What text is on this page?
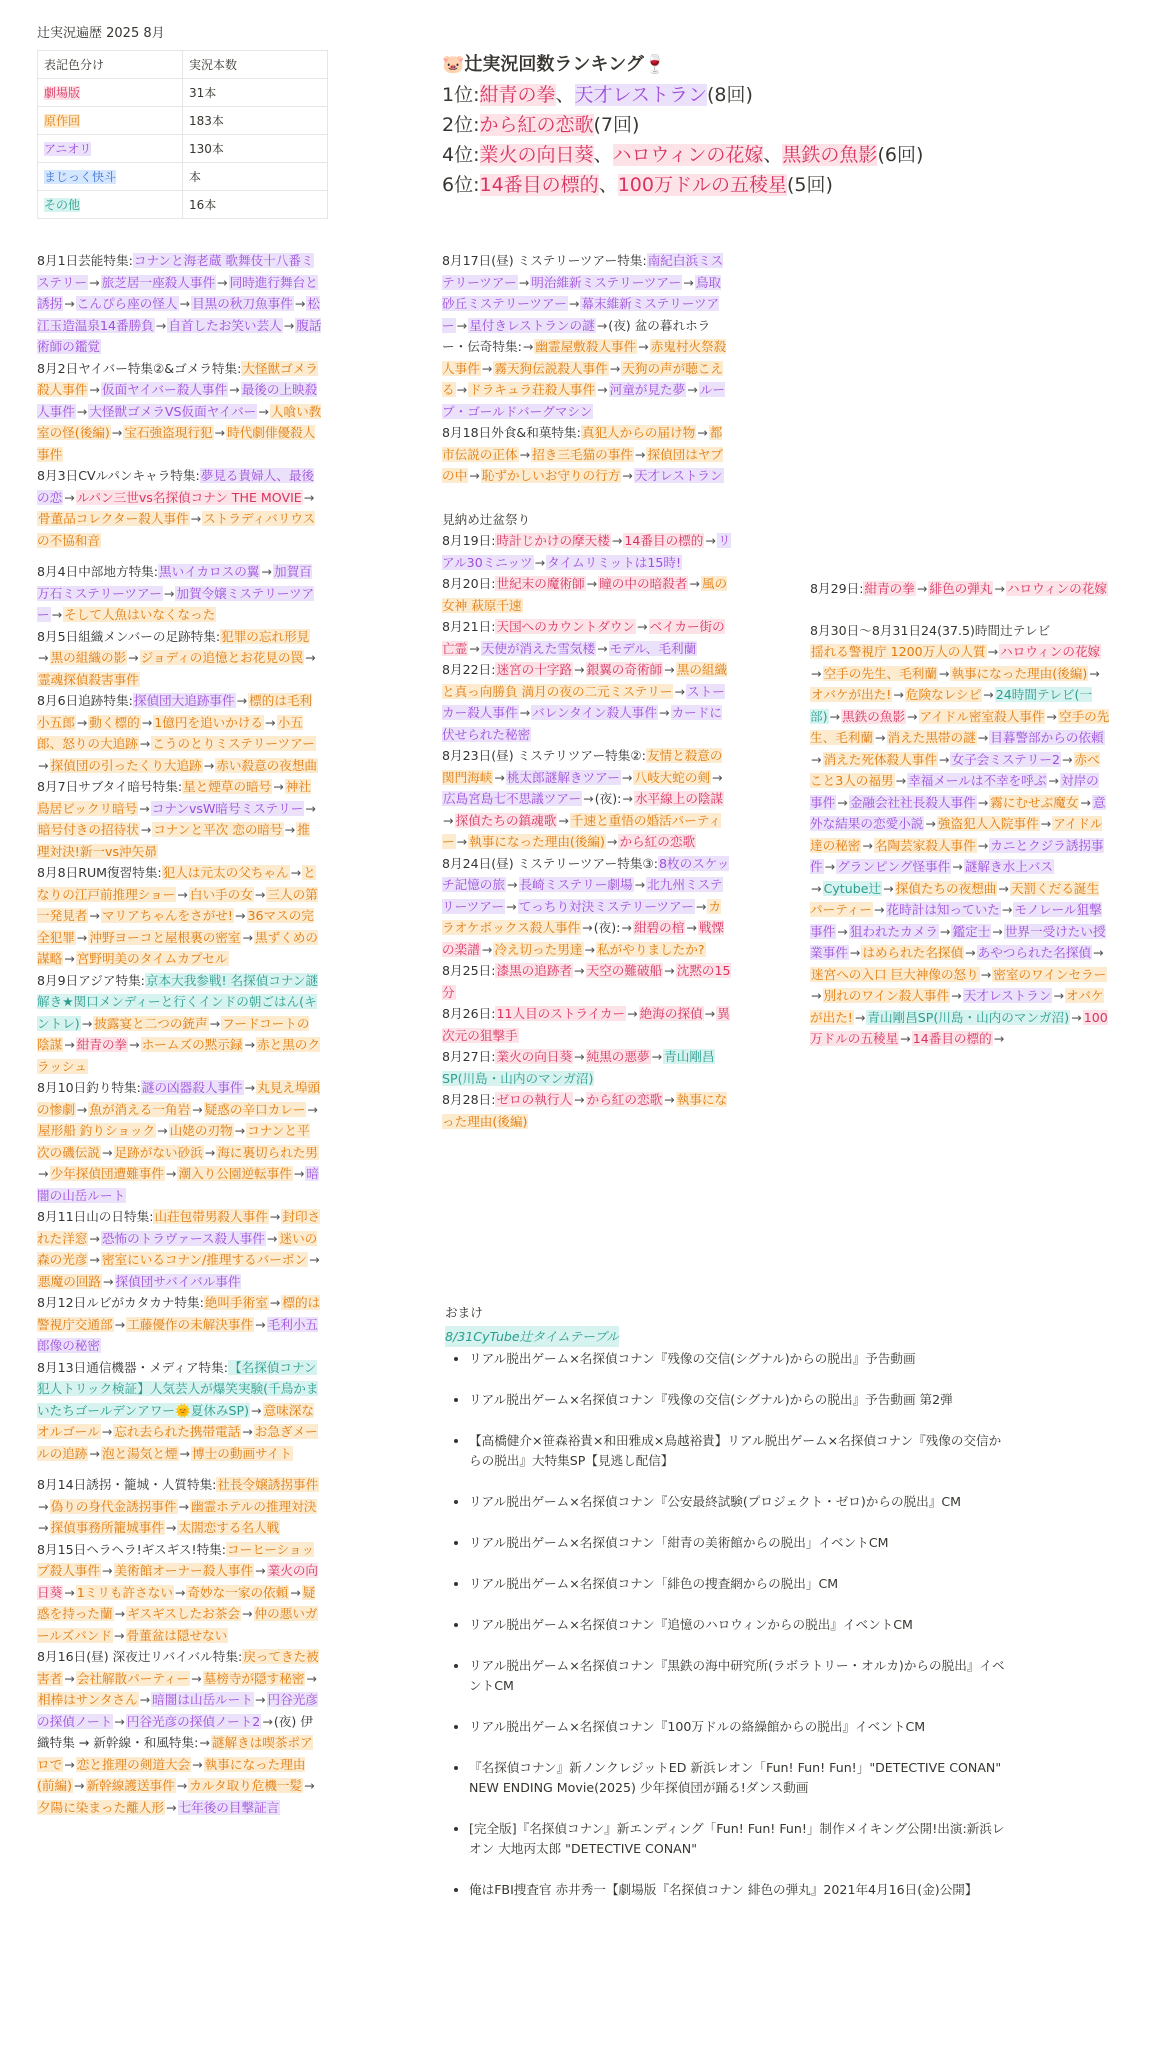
辻実況遍歴 2025 8月
表記色分け	実況本数
劇場版	31本
原作回	183本
アニオリ	130本
まじっく快斗	本
その他	16本
🐷辻実況回数ランキング🍷
1位:紺青の拳、天才レストラン(8回)
2位:から紅の恋歌(7回)
4位:業火の向日葵、ハロウィンの花嫁、黒鉄の魚影(6回)
6位:14番目の標的、100万ドルの五稜星(5回)
8月1日芸能特集:コナンと海老蔵 歌舞伎十八番ミステリー → 旅芝居一座殺人事件 → 同時進行舞台と誘拐 → こんぴら座の怪人 → 目黒の秋刀魚事件 → 松江玉造温泉14番勝負 → 自首したお笑い芸人 → 腹話術師の鑑覚
8月2日ヤイバー特集②&ゴメラ特集:大怪獣ゴメラ殺人事件 → 仮面ヤイバー殺人事件 → 最後の上映殺人事件 → 大怪獣ゴメラVS仮面ヤイバー → 人喰い教室の怪(後編) → 宝石強盗現行犯 → 時代劇俳優殺人事件
8月3日CVルパンキャラ特集:夢見る貴婦人、最後の恋 → ルパン三世vs名探偵コナン THE MOVIE →骨董品コレクター殺人事件 → ストラディバリウスの不協和音
8月4日中部地方特集:黒いイカロスの翼 → 加賀百万石ミステリーツアー → 加賀令嬢ミステリーツアー → そして人魚はいなくなった
8月5日組織メンバーの足跡特集:犯罪の忘れ形見→ 黒の組織の影 → ジョディの追憶とお花見の罠 →霊魂探偵殺害事件
8月6日追跡特集:探偵団大追跡事件 → 標的は毛利小五郎 → 動く標的 → 1億円を追いかける → 小五郎、怒りの大追跡 → こうのとりミステリーツアー→ 探偵団の引ったくり大追跡 → 赤い殺意の夜想曲
8月7日サブタイ暗号特集:星と煙草の暗号 → 神社鳥居ビックリ暗号 → コナンvsW暗号ミステリー →暗号付きの招待状 → コナンと平次 恋の暗号 → 推理対決!新一vs沖矢昴
8月8日RUM復習特集:犯人は元太の父ちゃん → となりの江戸前推理ショー → 白い手の女 → 三人の第一発見者 → マリアちゃんをさがせ! → 36マスの完全犯罪 → 沖野ヨーコと屋根裏の密室 → 黒ずくめの謀略 → 宮野明美のタイムカプセル
8月9日アジア特集:京本大我参戦! 名探偵コナン謎解き★関口メンディーと行くインドの朝ごはん(キントレ) → 披露宴と二つの銃声 → フードコートの陰謀 → 紺青の拳 → ホームズの黙示録 → 赤と黒のクラッシュ
8月10日釣り特集:謎の凶器殺人事件 → 丸見え埠頭の惨劇 → 魚が消える一角岩 → 疑惑の辛口カレー →屋形船 釣りショック → 山姥の刃物 → コナンと平次の磯伝説 → 足跡がない砂浜 → 海に裏切られた男→ 少年探偵団遭難事件 → 潮入り公園逆転事件 → 暗闇の山岳ルート
8月11日山の日特集:山荘包帯男殺人事件 → 封印された洋窓 → 恐怖のトラヴァース殺人事件 → 迷いの森の光彦 → 密室にいるコナン/推理するバーボン →悪魔の回路 → 探偵団サバイバル事件
8月12日ルビがカタカナ特集:絶叫手術室 → 標的は警視庁交通部 → 工藤優作の未解決事件 → 毛利小五郎像の秘密
8月13日通信機器・メディア特集:【名探偵コナン犯人トリック検証】人気芸人が爆笑実験(千鳥かまいたちゴールデンアワー🌞夏休みSP) → 意味深なオルゴール → 忘れ去られた携帯電話 → お急ぎメールの追跡 → 泡と湯気と煙 → 博士の動画サイト
8月14日誘拐・籠城・人質特集:社長令嬢誘拐事件→ 偽りの身代金誘拐事件 → 幽霊ホテルの推理対決→ 探偵事務所籠城事件 → 太閤恋する名人戦
8月15日ヘラヘラ!ギスギス!特集:コーヒーショップ殺人事件 → 美術館オーナー殺人事件 → 業火の向日葵 → 1ミリも許さない → 奇妙な一家の依頼 → 疑惑を持った蘭 → ギスギスしたお茶会 → 仲の悪いガールズバンド → 骨董盆は隠せない
8月16日(昼) 深夜辻リバイバル特集:戻ってきた被害者 → 会社解散パーティー → 墓榜寺が隠す秘密 →相棒はサンタさん → 暗闇は山岳ルート → 円谷光彦の探偵ノート → 円谷光彦の探偵ノート2 →(夜) 伊織特集 → 新幹線・和風特集:→ 謎解きは喫茶ポアロで → 恋と推理の剣道大会 → 執事になった理由(前編) → 新幹線護送事件 → カルタ取り危機一髪 →夕陽に染まった離人形 → 七年後の目撃証言
8月17日(昼) ミステリーツアー特集:南紀白浜ミステリーツアー → 明治維新ミステリーツアー → 鳥取砂丘ミステリーツアー → 幕末維新ミステリーツアー → 星付きレストランの謎 →(夜) 盆の暮れホラー・伝奇特集:→ 幽霊屋敷殺人事件 → 赤鬼村火祭殺人事件 → 霧天狗伝説殺人事件 → 天狗の声が聴こえる → ドラキュラ荘殺人事件 → 河童が見た夢 → ループ・ゴールドバーグマシン
8月18日外食&和菓特集:真犯人からの届け物 → 都市伝説の正体 → 招き三毛猫の事件 → 探偵団はヤブの中 → 恥ずかしいお守りの行方 → 天才レストラン
見納め辻盆祭り
8月19日:時計じかけの摩天楼 → 14番目の標的 → リアル30ミニッツ → タイムリミットは15時!
8月20日:世紀末の魔術師 → 瞳の中の暗殺者 → 風の女神 萩原千速
8月21日:天国へのカウントダウン → ベイカー街の亡霊 → 天使が消えた雪気楼 → モデル、毛利蘭
8月22日:迷宮の十字路 → 銀翼の奇術師 → 黒の組織と真っ向勝負 満月の夜の二元ミステリー → ストーカー殺人事件 → バレンタイン殺人事件 → カードに伏せられた秘密
8月23日(昼) ミステリツアー特集②:友情と殺意の関門海峡 → 桃太郎謎解きツアー → 八岐大蛇の剣 →広島宮島七不思議ツアー →(夜):→ 水平線上の陰謀→ 探偵たちの鎮魂歌 → 千速と重悟の婚活パーティー → 執事になった理由(後編) → から紅の恋歌
8月24日(昼) ミステリーツアー特集③:8枚のスケッチ記憶の旅 → 長崎ミステリー劇場 → 北九州ミステリーツアー → てっちり対決ミステリーツアー → カラオケボックス殺人事件 →(夜):→ 紺碧の棺 → 戦慄の楽譜 → 冷え切った男達 → 私がやりましたか?
8月25日:漆黒の追跡者 → 天空の難破船 → 沈黙の15分
8月26日:11人目のストライカー → 絶海の探偵 → 異次元の狙撃手
8月27日:業火の向日葵 → 純黒の悪夢 → 青山剛昌SP(川島・山内のマンガ沼)
8月28日:ゼロの執行人 → から紅の恋歌 → 執事になった理由(後編)
8月29日:紺青の拳 → 緋色の弾丸 → ハロウィンの花嫁
8月30日〜8月31日24(37.5)時間辻テレビ
揺れる警視庁 1200万人の人質 → ハロウィンの花嫁→ 空手の先生、毛利蘭 → 執事になった理由(後編) →オバケが出た! → 危険なレシピ → 24時間テレビ(一部) → 黒鉄の魚影 → アイドル密室殺人事件 → 空手の先生、毛利蘭 → 消えた黒帯の謎 → 目暮警部からの依頼→ 消えた死体殺人事件 → 女子会ミステリー2 → 赤べこと3人の福男 → 幸福メールは不幸を呼ぶ → 対岸の事件 → 金融会社社長殺人事件 → 霧にむせぶ魔女 → 意外な結果の恋愛小説 → 強盗犯人入院事件 → アイドル達の秘密 → 名陶芸家殺人事件 → カニとクジラ誘拐事件 → グランピング怪事件 → 謎解き水上バス→ Cytube辻 → 探偵たちの夜想曲 → 天罰くだる誕生パーティー → 花時計は知っていた → モノレール狙撃事件 → 狙われたカメラ → 鑑定士 → 世界一受けたい授業事件 → はめられた名探偵 → あやつられた名探偵 →迷宮への入口 巨大神像の怒り → 密室のワインセラー→ 別れのワイン殺人事件 → 天才レストラン → オバケが出た! → 青山剛昌SP(川島・山内のマンガ沼) → 100万ドルの五稜星 → 14番目の標的 →
おまけ
8/31CyTube辻タイムテーブル
• リアル脱出ゲーム×名探偵コナン『残像の交信(シグナル)からの脱出』予告動画
• リアル脱出ゲーム×名探偵コナン『残像の交信(シグナル)からの脱出』予告動画 第2弾
• 【高橋健介×笹森裕貴×和田雅成×鳥越裕貴】リアル脱出ゲーム×名探偵コナン『残像の交信からの脱出』大特集SP【見逃し配信】
• リアル脱出ゲーム×名探偵コナン『公安最終試験(プロジェクト・ゼロ)からの脱出』CM
• リアル脱出ゲーム×名探偵コナン「紺青の美術館からの脱出」イベントCM
• リアル脱出ゲーム×名探偵コナン「緋色の捜査網からの脱出」CM
• リアル脱出ゲーム×名探偵コナン『追憶のハロウィンからの脱出』イベントCM
• リアル脱出ゲーム×名探偵コナン『黒鉄の海中研究所(ラボラトリー・オルカ)からの脱出』イベントCM
• リアル脱出ゲーム×名探偵コナン『100万ドルの絡繰館からの脱出』イベントCM
• 『名探偵コナン』新ノンクレジットED 新浜レオン「Fun! Fun! Fun!」"DETECTIVE CONAN" NEW ENDING Movie(2025) 少年探偵団が踊る!ダンス動画
• [完全版]『名探偵コナン』新エンディング「Fun! Fun! Fun!」制作メイキング公開!出演:新浜レオン 大地丙太郎 "DETECTIVE CONAN"
• 俺はFBI捜査官 赤井秀一【劇場版『名探偵コナン 緋色の弾丸』2021年4月16日(金)公開】
